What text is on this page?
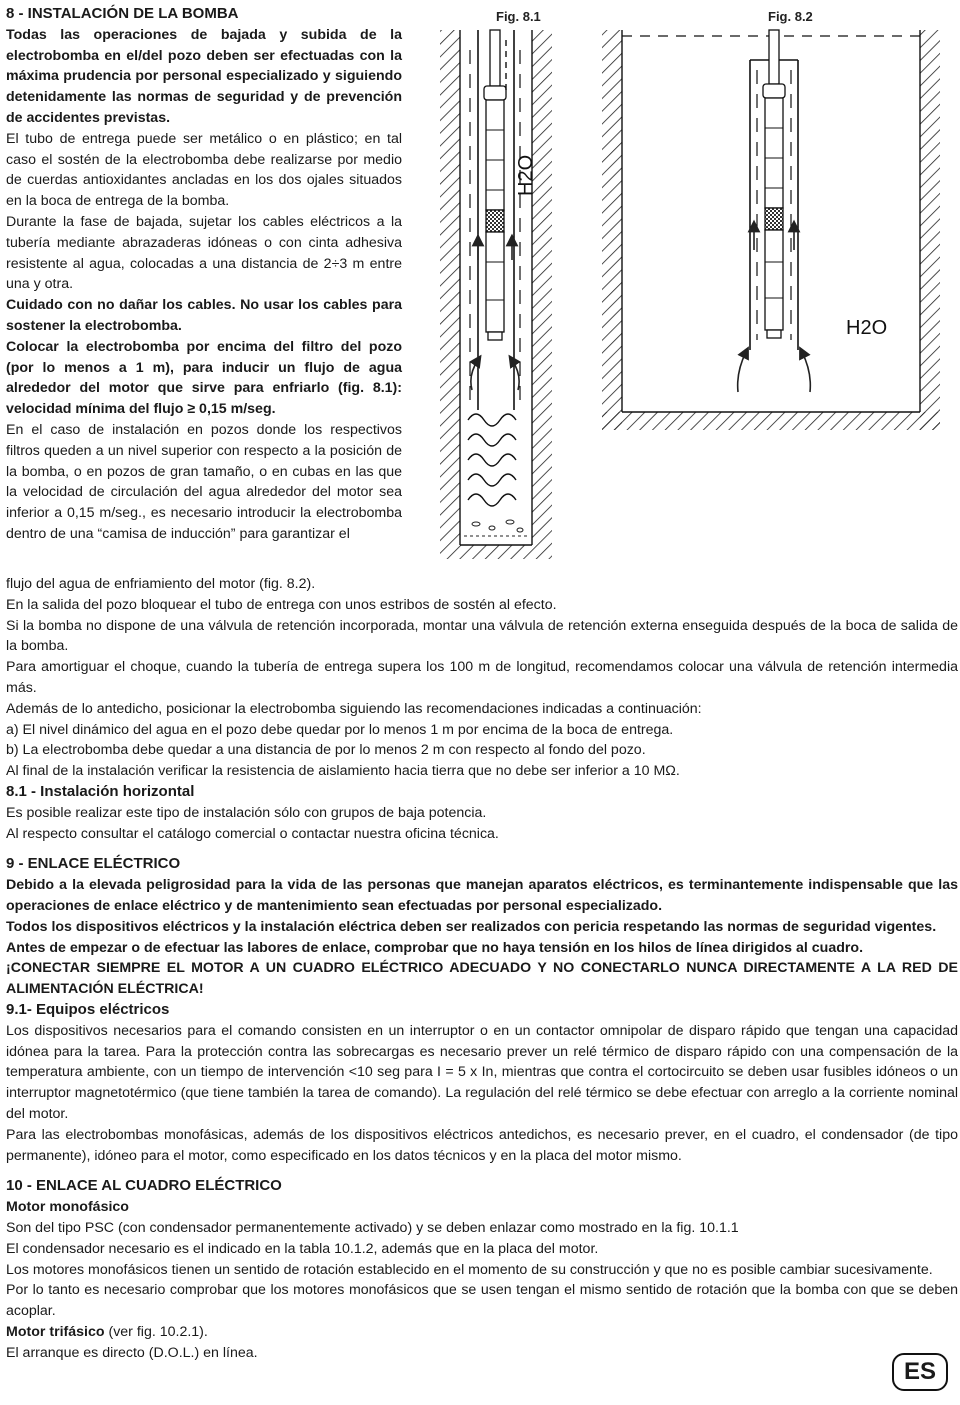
8 - INSTALACIÓN DE LA BOMBA

Todas las operaciones de bajada y subida de la electrobomba en el/del pozo deben ser efectuadas con la máxima prudencia por personal especializado y siguiendo detenidamente las normas de seguridad y de prevención de accidentes previstas.

El tubo de entrega puede ser metálico o en plástico; en tal caso el sostén de la electrobomba debe realizarse por medio de cuerdas antioxidantes ancladas en los dos ojales situados en la boca de entrega de la bomba.

Durante la fase de bajada, sujetar los cables eléctricos a la tubería mediante abrazaderas idóneas o con cinta adhesiva resistente al agua, colocadas a una distancia de 2÷3 m entre una y otra.

Cuidado con no dañar los cables. No usar los cables para sostener la electrobomba.

Colocar la electrobomba por encima del filtro del pozo (por lo menos a 1 m), para inducir un flujo de agua alrededor del motor que sirve para enfriarlo (fig. 8.1): velocidad mínima del flujo ≥ 0,15 m/seg.

En el caso de instalación en pozos donde los respectivos filtros queden a un nivel superior con respecto a la posición de la bomba, o en pozos de gran tamaño, o en cubas en las que la velocidad de circulación del agua alrededor del motor sea inferior a 0,15 m/seg., es necesario introducir la electrobomba dentro de una “camisa de inducción” para garantizar el

Fig. 8.1	Fig. 8.2
H2O
H2O

flujo del agua de enfriamiento del motor (fig. 8.2).

En la salida del pozo bloquear el tubo de entrega con unos estribos de sostén al efecto.

Si la bomba no dispone de una válvula de retención incorporada, montar una válvula de retención externa enseguida después de la boca de salida de la bomba.

Para amortiguar el choque, cuando la tubería de entrega supera los 100 m de longitud, recomendamos colocar una válvula de retención intermedia más.

Además de lo antedicho, posicionar la electrobomba siguiendo las recomendaciones indicadas a continuación:

a) El nivel dinámico del agua en el pozo debe quedar por lo menos 1 m por encima de la boca de entrega.

b) La electrobomba debe quedar a una distancia de por lo menos 2 m con respecto al fondo del pozo.

Al final de la instalación verificar la resistencia de aislamiento hacia tierra que no debe ser inferior a 10 MΩ.

8.1 - Instalación horizontal

Es posible realizar este tipo de instalación sólo con grupos de baja potencia.

Al respecto consultar el catálogo comercial o contactar nuestra oficina técnica.

9 - ENLACE ELÉCTRICO

Debido a la elevada peligrosidad para la vida de las personas que manejan aparatos eléctricos, es terminantemente indispensable que las operaciones de enlace eléctrico y de mantenimiento sean efectuadas por personal especializado.

Todos los dispositivos eléctricos y la instalación eléctrica deben ser realizados con pericia respetando las normas de seguridad vigentes.

Antes de empezar o de efectuar las labores de enlace, comprobar que no haya tensión en los hilos de línea dirigidos al cuadro.

¡CONECTAR SIEMPRE EL MOTOR A UN CUADRO ELÉCTRICO ADECUADO Y NO CONECTARLO NUNCA DIRECTAMENTE A LA RED DE ALIMENTACIÓN ELÉCTRICA!

9.1- Equipos eléctricos

Los dispositivos necesarios para el comando consisten en un interruptor o en un contactor omnipolar de disparo rápido que tengan una capacidad idónea para la tarea. Para la protección contra las sobrecargas es necesario prever un relé térmico de disparo rápido con una compensación de la temperatura ambiente, con un tiempo de intervención <10 seg para I = 5 x In, mientras que contra el cortocircuito se deben usar fusibles idóneos o un interruptor magnetotérmico (que tiene también la tarea de comando). La regulación del relé térmico se debe efectuar con arreglo a la corriente nominal del motor.

Para las electrobombas monofásicas, además de los dispositivos eléctricos antedichos, es necesario prever, en el cuadro, el condensador (de tipo permanente), idóneo para el motor, como especificado en los datos técnicos y en la placa del motor mismo.

10 - ENLACE AL CUADRO ELÉCTRICO

Motor monofásico

Son del tipo PSC (con condensador permanentemente activado) y se deben enlazar como mostrado en la fig. 10.1.1

El condensador necesario es el indicado en la tabla 10.1.2, además que en la placa del motor.

Los motores monofásicos tienen un sentido de rotación establecido en el momento de su construcción y que no es posible cambiar sucesivamente.

Por lo tanto es necesario comprobar que los motores monofásicos que se usen tengan el mismo sentido de rotación que la bomba con que se deben acoplar.

Motor trifásico (ver fig. 10.2.1).

El arranque es directo (D.O.L.) en línea.

ES
